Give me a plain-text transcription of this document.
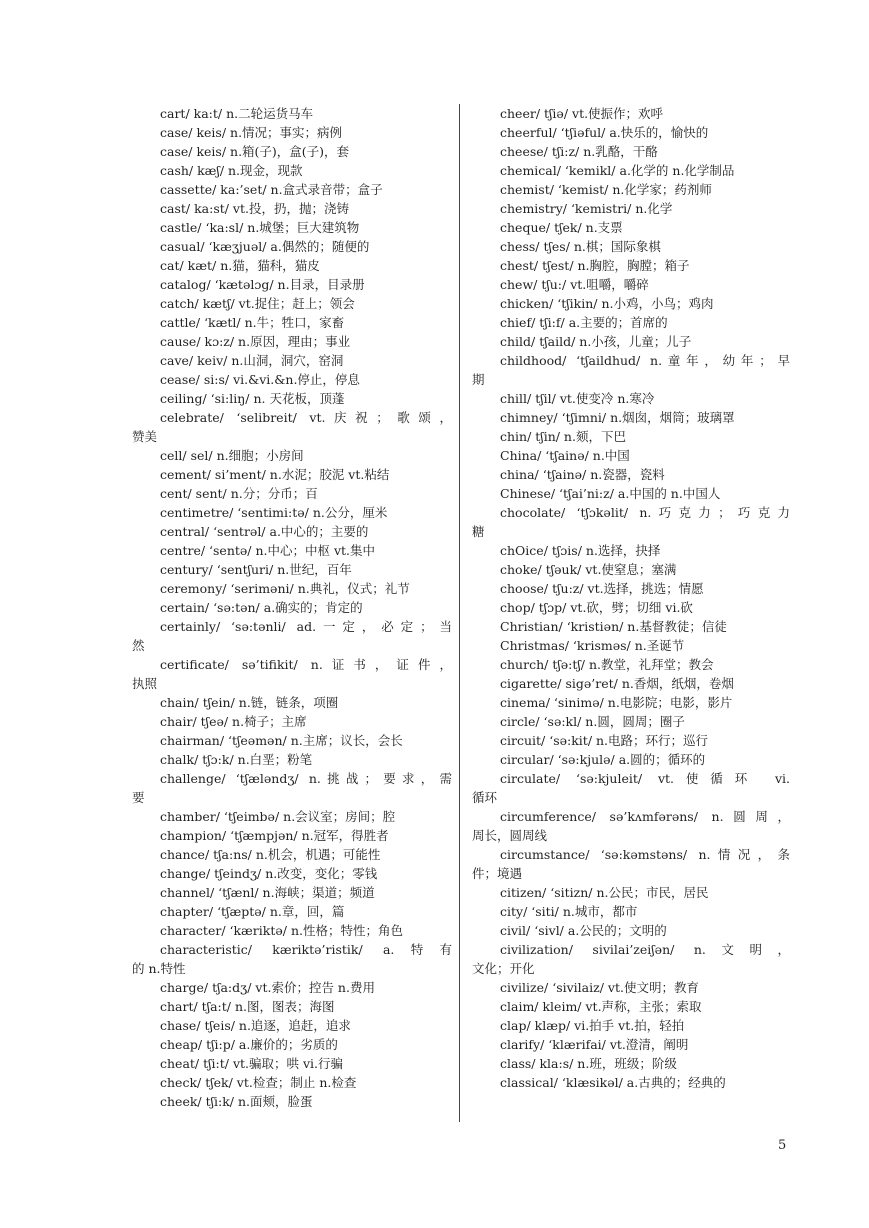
cart/ ka:t/ n.二轮运货马车
case/ keis/ n.情况；事实；病例
case/ keis/ n.箱(子)，盒(子)，套
cash/ kæʃ/ n.现金，现款
cassette/ ka:’set/ n.盒式录音带；盒子
cast/ ka:st/ vt.投，扔，抛；浇铸
castle/ ‘ka:sl/ n.城堡；巨大建筑物
casual/ ‘kæʒjuəl/ a.偶然的；随便的
cat/ kæt/ n.猫，猫科，猫皮
catalog/ ‘kætəlɔg/ n.目录，目录册
catch/ kætʃ/ vt.捉住；赶上；领会
cattle/ ‘kætl/ n.牛；牲口，家畜
cause/ kɔ:z/ n.原因，理由；事业
cave/ keiv/ n.山洞，洞穴，窑洞
cease/ si:s/ vi.&vi.&n.停止，停息
ceiling/ ‘si:liŋ/ n. 天花板，顶蓬
celebrate/ ‘selibreit/ vt.庆祝；歌颂，
赞美
cell/ sel/ n.细胞；小房间
cement/ si’ment/ n.水泥；胶泥 vt.粘结
cent/ sent/ n.分；分币；百
centimetre/ ‘sentimi:tə/ n.公分，厘米
central/ ‘sentrəl/ a.中心的；主要的
centre/ ‘sentə/ n.中心；中枢 vt.集中
century/ ‘sentʃuri/ n.世纪，百年
ceremony/ ‘seriməni/ n.典礼，仪式；礼节
certain/ ‘sə:tən/ a.确实的；肯定的
certainly/ ‘sə:tənli/ ad.一定，必定；当
然
certificate/ sə’tifikit/ n.证书，证件，
执照
chain/ tʃein/ n.链，链条，项圈
chair/ tʃeə/ n.椅子；主席
chairman/ ‘tʃeəmən/ n.主席；议长，会长
chalk/ tʃɔ:k/ n.白垩；粉笔
challenge/ ‘tʃæləndʒ/ n.挑战；要求，需
要
chamber/ ‘tʃeimbə/ n.会议室；房间；腔
champion/ ‘tʃæmpjən/ n.冠军，得胜者
chance/ tʃa:ns/ n.机会，机遇；可能性
change/ tʃeindʒ/ n.改变，变化；零钱
channel/ ‘tʃænl/ n.海峡；渠道；频道
chapter/ ‘tʃæptə/ n.章，回，篇
character/ ‘kæriktə/ n.性格；特性；角色
characteristic/ kæriktə’ristik/ a.特有
的 n.特性
charge/ tʃa:dʒ/ vt.索价；控告 n.费用
chart/ tʃa:t/ n.图，图表；海图
chase/ tʃeis/ n.追逐，追赶，追求
cheap/ tʃi:p/ a.廉价的；劣质的
cheat/ tʃi:t/ vt.骗取；哄 vi.行骗
check/ tʃek/ vt.检查；制止 n.检查
cheek/ tʃi:k/ n.面颊，脸蛋
cheer/ tʃiə/ vt.使振作；欢呼
cheerful/ ‘tʃiəful/ a.快乐的，愉快的
cheese/ tʃi:z/ n.乳酪，干酪
chemical/ ‘kemikl/ a.化学的 n.化学制品
chemist/ ‘kemist/ n.化学家；药剂师
chemistry/ ‘kemistri/ n.化学
cheque/ tʃek/ n.支票
chess/ tʃes/ n.棋；国际象棋
chest/ tʃest/ n.胸腔，胸膛；箱子
chew/ tʃu:/ vt.咀嚼，嚼碎
chicken/ ‘tʃikin/ n.小鸡，小鸟；鸡肉
chief/ tʃi:f/ a.主要的；首席的
child/ tʃaild/ n.小孩，儿童；儿子
childhood/ ‘tʃaildhud/ n.童年，幼年；早
期
chill/ tʃil/ vt.使变冷 n.寒冷
chimney/ ‘tʃimni/ n.烟囱，烟筒；玻璃罩
chin/ tʃin/ n.颏，下巴
China/ ‘tʃainə/ n.中国
china/ ‘tʃainə/ n.瓷器，瓷料
Chinese/ ‘tʃai’ni:z/ a.中国的 n.中国人
chocolate/ ‘tʃɔkəlit/ n.巧克力；巧克力
糖
chOice/ tʃɔis/ n.选择，抉择
choke/ tʃəuk/ vt.使窒息；塞满
choose/ tʃu:z/ vt.选择，挑选；情愿
chop/ tʃɔp/ vt.砍，劈；切细 vi.砍
Christian/ ‘kristiən/ n.基督教徒；信徒
Christmas/ ‘krisməs/ n.圣诞节
church/ tʃə:tʃ/ n.教堂，礼拜堂；教会
cigarette/ sigə’ret/ n.香烟，纸烟，卷烟
cinema/ ‘sinimə/ n.电影院；电影，影片
circle/ ‘sə:kl/ n.圆，圆周；圈子
circuit/ ‘sə:kit/ n.电路；环行；巡行
circular/ ‘sə:kjulə/ a.圆的；循环的
circulate/ ‘sə:kjuleit/ vt.使循环 vi.
循环
circumference/ sə’kʌmfərəns/ n.圆周，
周长，圆周线
circumstance/ ‘sə:kəmstəns/ n.情况，条
件；境遇
citizen/ ‘sitizn/ n.公民；市民，居民
city/ ‘siti/ n.城市，都市
civil/ ‘sivl/ a.公民的；文明的
civilization/ sivilai’zeiʃən/ n.文明，
文化；开化
civilize/ ‘sivilaiz/ vt.使文明；教育
claim/ kleim/ vt.声称，主张；索取
clap/ klæp/ vi.拍手 vt.拍，轻拍
clarify/ ‘klærifai/ vt.澄清，阐明
class/ kla:s/ n.班，班级；阶级
classical/ ‘klæsikəl/ a.古典的；经典的
5
